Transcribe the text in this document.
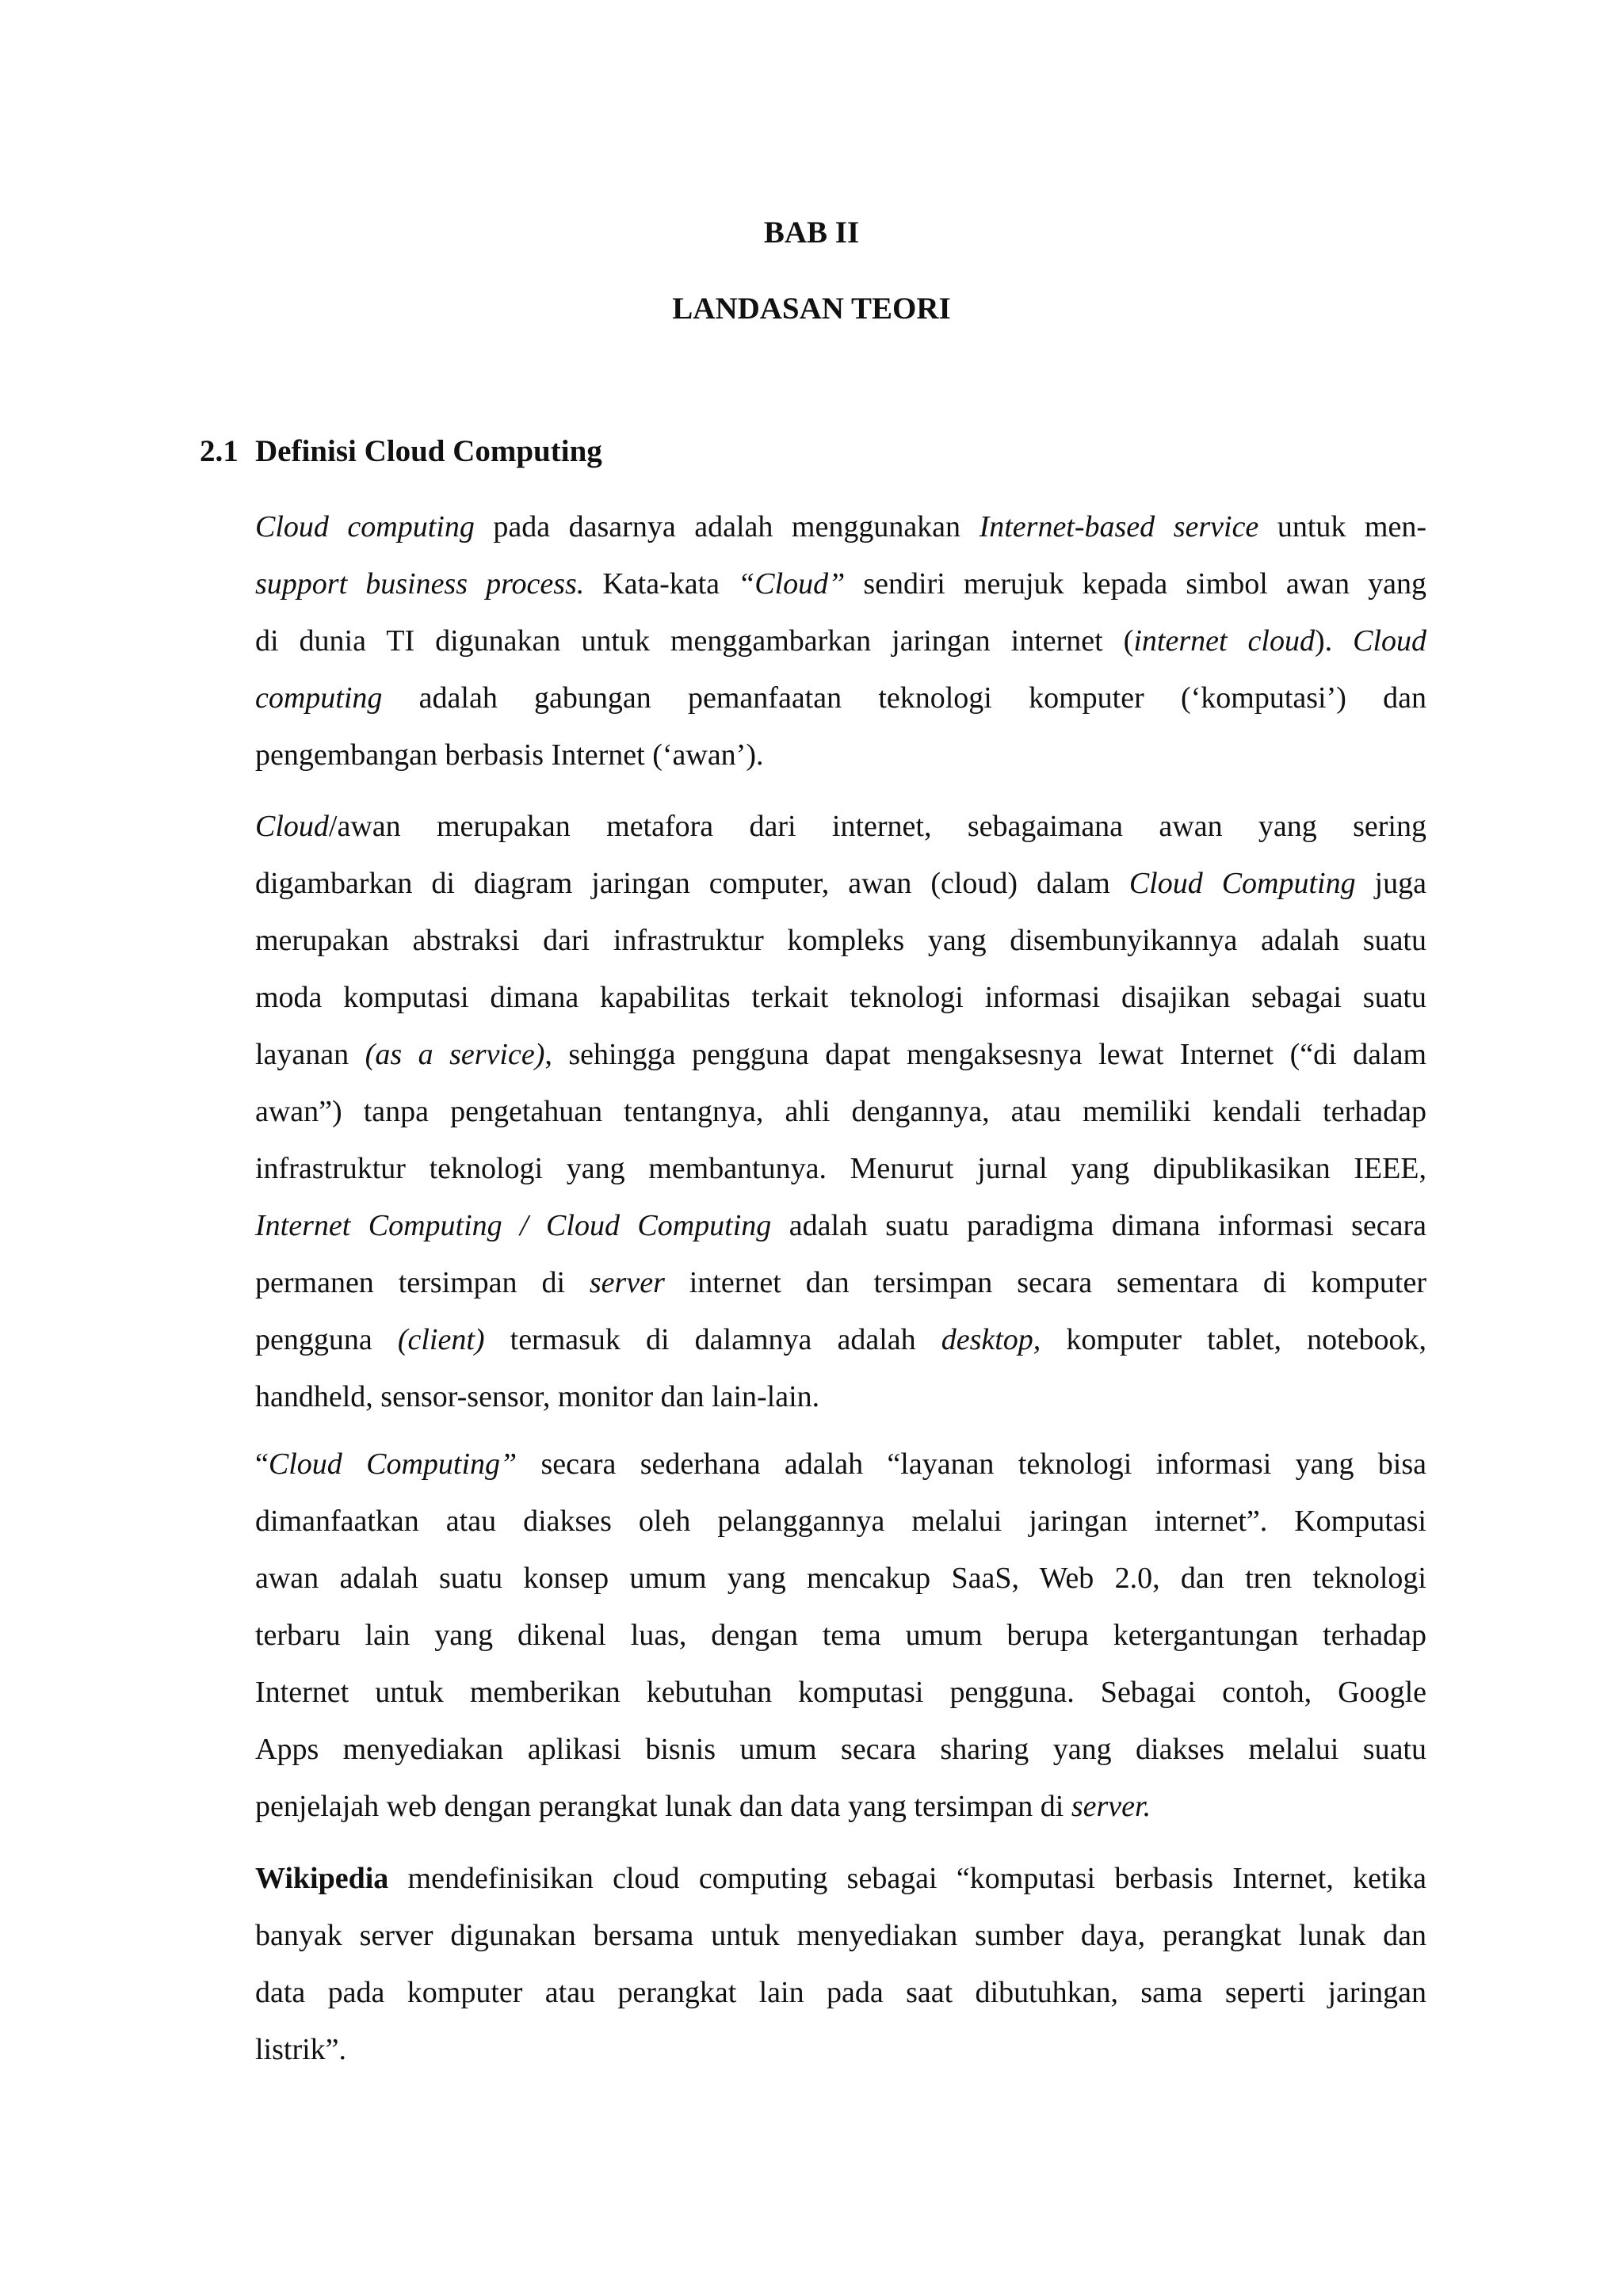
BAB II
LANDASAN TEORI
2.1 Definisi Cloud Computing
Cloud computing pada dasarnya adalah menggunakan Internet-based service untuk men-
support business process. Kata-kata “Cloud” sendiri merujuk kepada simbol awan yang
di dunia TI digunakan untuk menggambarkan jaringan internet (internet cloud). Cloud
computing adalah gabungan pemanfaatan teknologi komputer (‘komputasi’) dan
pengembangan berbasis Internet (‘awan’).
Cloud/awan merupakan metafora dari internet, sebagaimana awan yang sering
digambarkan di diagram jaringan computer, awan (cloud) dalam Cloud Computing juga
merupakan abstraksi dari infrastruktur kompleks yang disembunyikannya adalah suatu
moda komputasi dimana kapabilitas terkait teknologi informasi disajikan sebagai suatu
layanan (as a service), sehingga pengguna dapat mengaksesnya lewat Internet (“di dalam
awan”) tanpa pengetahuan tentangnya, ahli dengannya, atau memiliki kendali terhadap
infrastruktur teknologi yang membantunya. Menurut jurnal yang dipublikasikan IEEE,
Internet Computing / Cloud Computing adalah suatu paradigma dimana informasi secara
permanen tersimpan di server internet dan tersimpan secara sementara di komputer
pengguna (client) termasuk di dalamnya adalah desktop, komputer tablet, notebook,
handheld, sensor-sensor, monitor dan lain-lain.
“Cloud Computing” secara sederhana adalah “layanan teknologi informasi yang bisa
dimanfaatkan atau diakses oleh pelanggannya melalui jaringan internet”. Komputasi
awan adalah suatu konsep umum yang mencakup SaaS, Web 2.0, dan tren teknologi
terbaru lain yang dikenal luas, dengan tema umum berupa ketergantungan terhadap
Internet untuk memberikan kebutuhan komputasi pengguna. Sebagai contoh, Google
Apps menyediakan aplikasi bisnis umum secara sharing yang diakses melalui suatu
penjelajah web dengan perangkat lunak dan data yang tersimpan di server.
Wikipedia mendefinisikan cloud computing sebagai “komputasi berbasis Internet, ketika
banyak server digunakan bersama untuk menyediakan sumber daya, perangkat lunak dan
data pada komputer atau perangkat lain pada saat dibutuhkan, sama seperti jaringan
listrik”.
